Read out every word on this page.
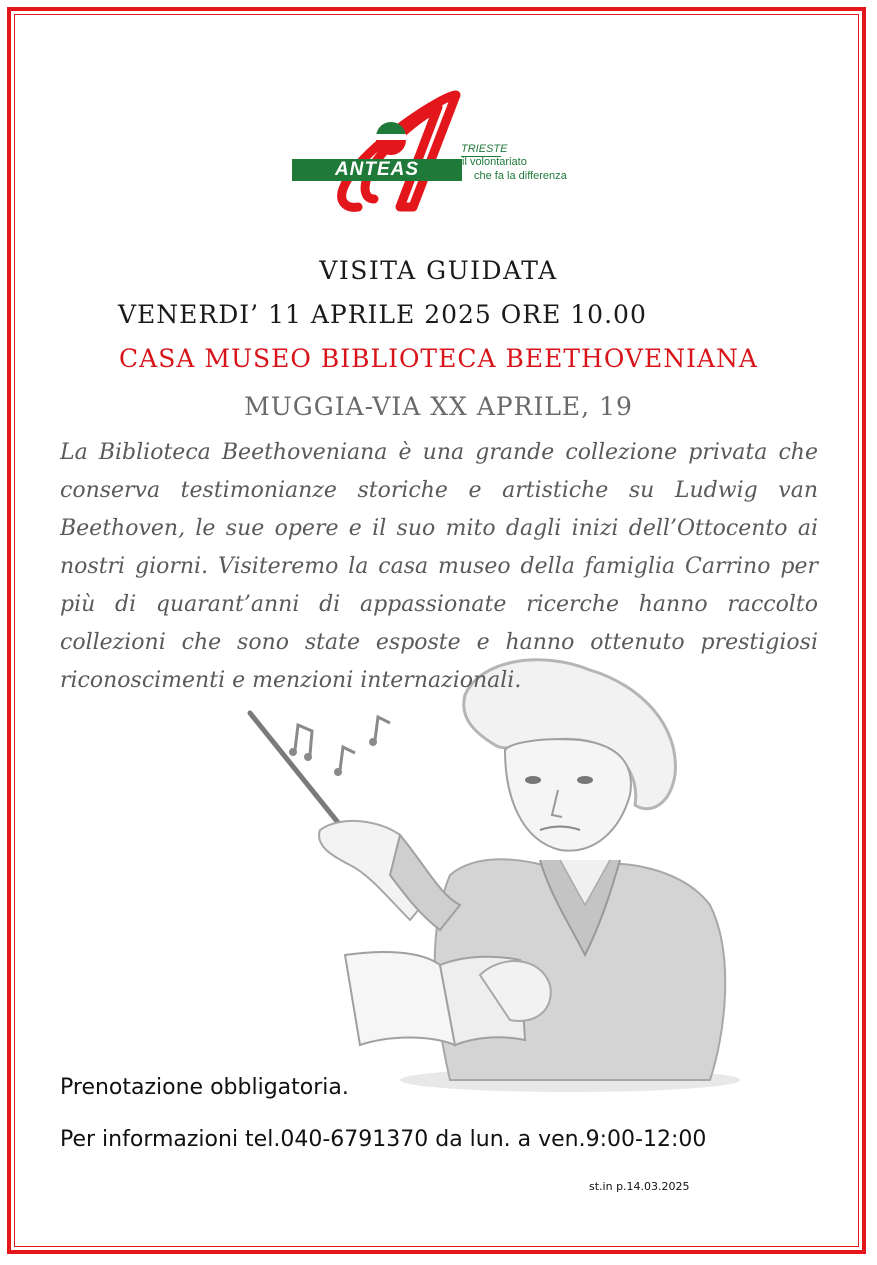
ANTEAS
TRIESTE
il volontariato
che fa la differenza
VISITA GUIDATA
VENERDI’ 11 APRILE 2025 ORE 10.00
CASA MUSEO BIBLIOTECA BEETHOVENIANA
MUGGIA-VIA XX APRILE, 19
La Biblioteca Beethoveniana è una grande collezione privata che conserva testimonianze storiche e artistiche su Ludwig van Beethoven, le sue opere e il suo mito dagli inizi dell’Ottocento ai nostri giorni. Visiteremo la casa museo della famiglia Carrino per più di quarant’anni di appassionate ricerche hanno raccolto collezioni che sono state esposte e hanno ottenuto prestigiosi riconoscimenti e menzioni internazionali.
Prenotazione obbligatoria.
Per informazioni tel.040-6791370 da lun. a ven.9:00-12:00
st.in p.14.03.2025
